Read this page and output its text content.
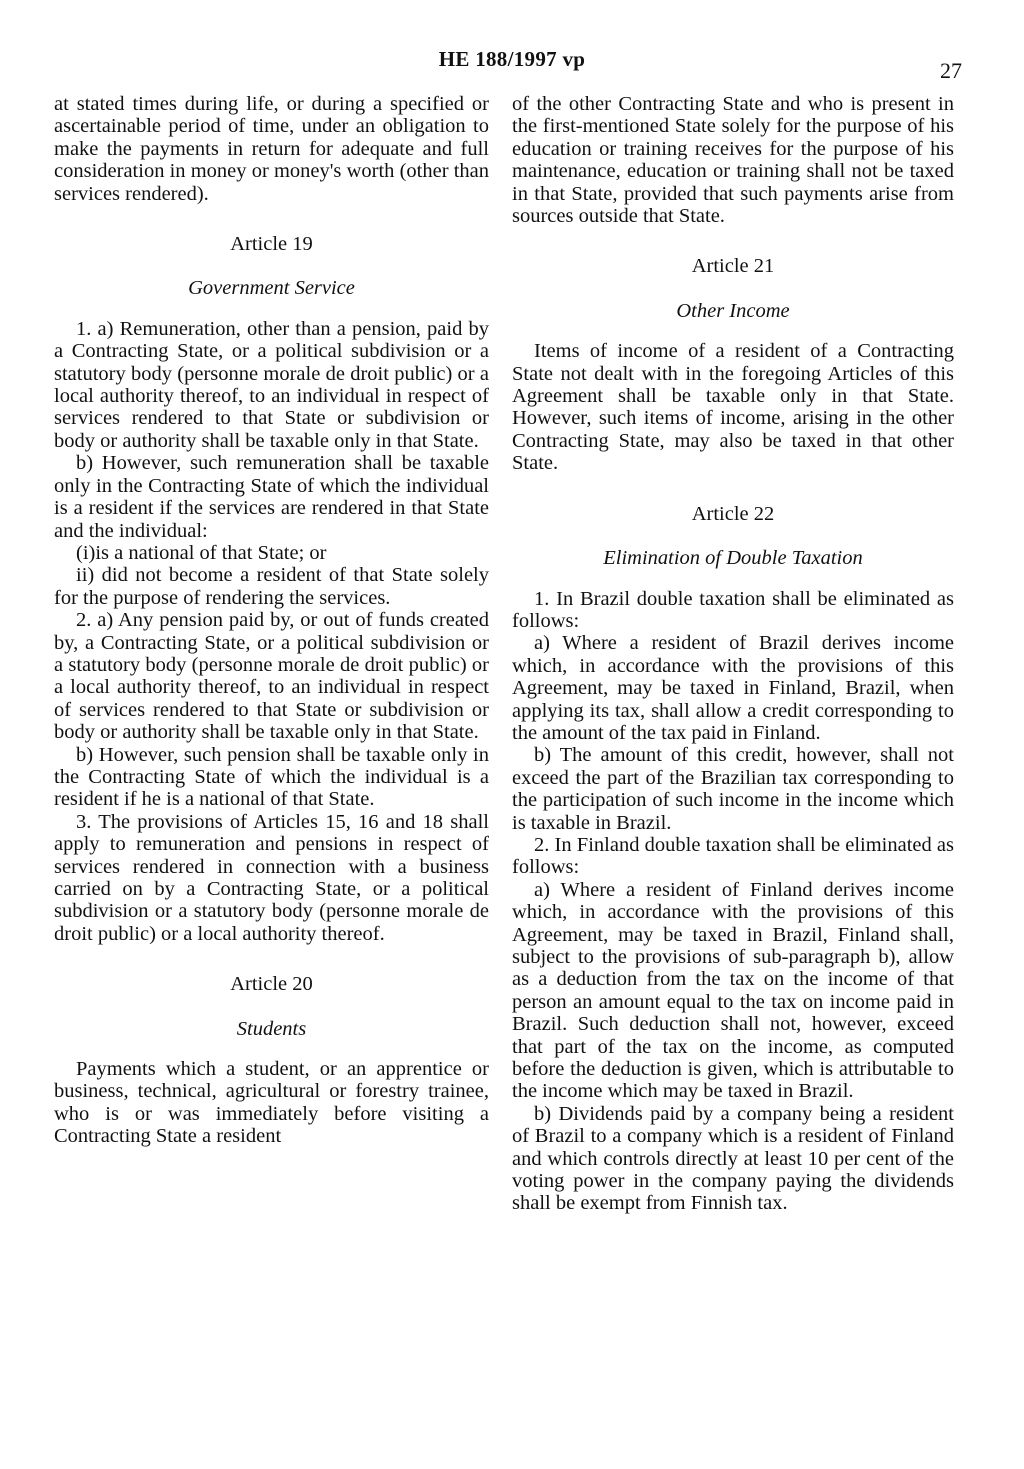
HE 188/1997 vp	27

at stated times during life, or during a specified or ascertainable period of time, under an obligation to make the payments in return for adequate and full consideration in money or money's worth (other than services rendered).

Article 19
Government Service

1. a) Remuneration, other than a pension, paid by a Contracting State, or a political subdivision or a statutory body (personne morale de droit public) or a local authority thereof, to an individual in respect of services rendered to that State or subdivision or body or authority shall be taxable only in that State.

b) However, such remuneration shall be taxable only in the Contracting State of which the individual is a resident if the services are rendered in that State and the individual:

(i)is a national of that State; or

ii) did not become a resident of that State solely for the purpose of rendering the services.

2. a) Any pension paid by, or out of funds created by, a Contracting State, or a political subdivision or a statutory body (personne morale de droit public) or a local authority thereof, to an individual in respect of services rendered to that State or subdivision or body or authority shall be taxable only in that State.

b) However, such pension shall be taxable only in the Contracting State of which the individual is a resident if he is a national of that State.

3. The provisions of Articles 15, 16 and 18 shall apply to remuneration and pensions in respect of services rendered in connection with a business carried on by a Contracting State, or a political subdivision or a statutory body (personne morale de droit public) or a local authority thereof.

Article 20
Students

Payments which a student, or an apprentice or business, technical, agricultural or forestry trainee, who is or was immediately before visiting a Contracting State a resident

of the other Contracting State and who is present in the first-mentioned State solely for the purpose of his education or training receives for the purpose of his maintenance, education or training shall not be taxed in that State, provided that such payments arise from sources outside that State.

Article 21
Other Income

Items of income of a resident of a Contracting State not dealt with in the foregoing Articles of this Agreement shall be taxable only in that State. However, such items of income, arising in the other Contracting State, may also be taxed in that other State.

Article 22
Elimination of Double Taxation

1. In Brazil double taxation shall be eliminated as follows:

a) Where a resident of Brazil derives income which, in accordance with the provisions of this Agreement, may be taxed in Finland, Brazil, when applying its tax, shall allow a credit corresponding to the amount of the tax paid in Finland.

b) The amount of this credit, however, shall not exceed the part of the Brazilian tax corresponding to the participation of such income in the income which is taxable in Brazil.

2. In Finland double taxation shall be eliminated as follows:

a) Where a resident of Finland derives income which, in accordance with the provisions of this Agreement, may be taxed in Brazil, Finland shall, subject to the provisions of sub-paragraph b), allow as a deduction from the tax on the income of that person an amount equal to the tax on income paid in Brazil. Such deduction shall not, however, exceed that part of the tax on the income, as computed before the deduction is given, which is attributable to the income which may be taxed in Brazil.

b) Dividends paid by a company being a resident of Brazil to a company which is a resident of Finland and which controls directly at least 10 per cent of the voting power in the company paying the dividends shall be exempt from Finnish tax.
